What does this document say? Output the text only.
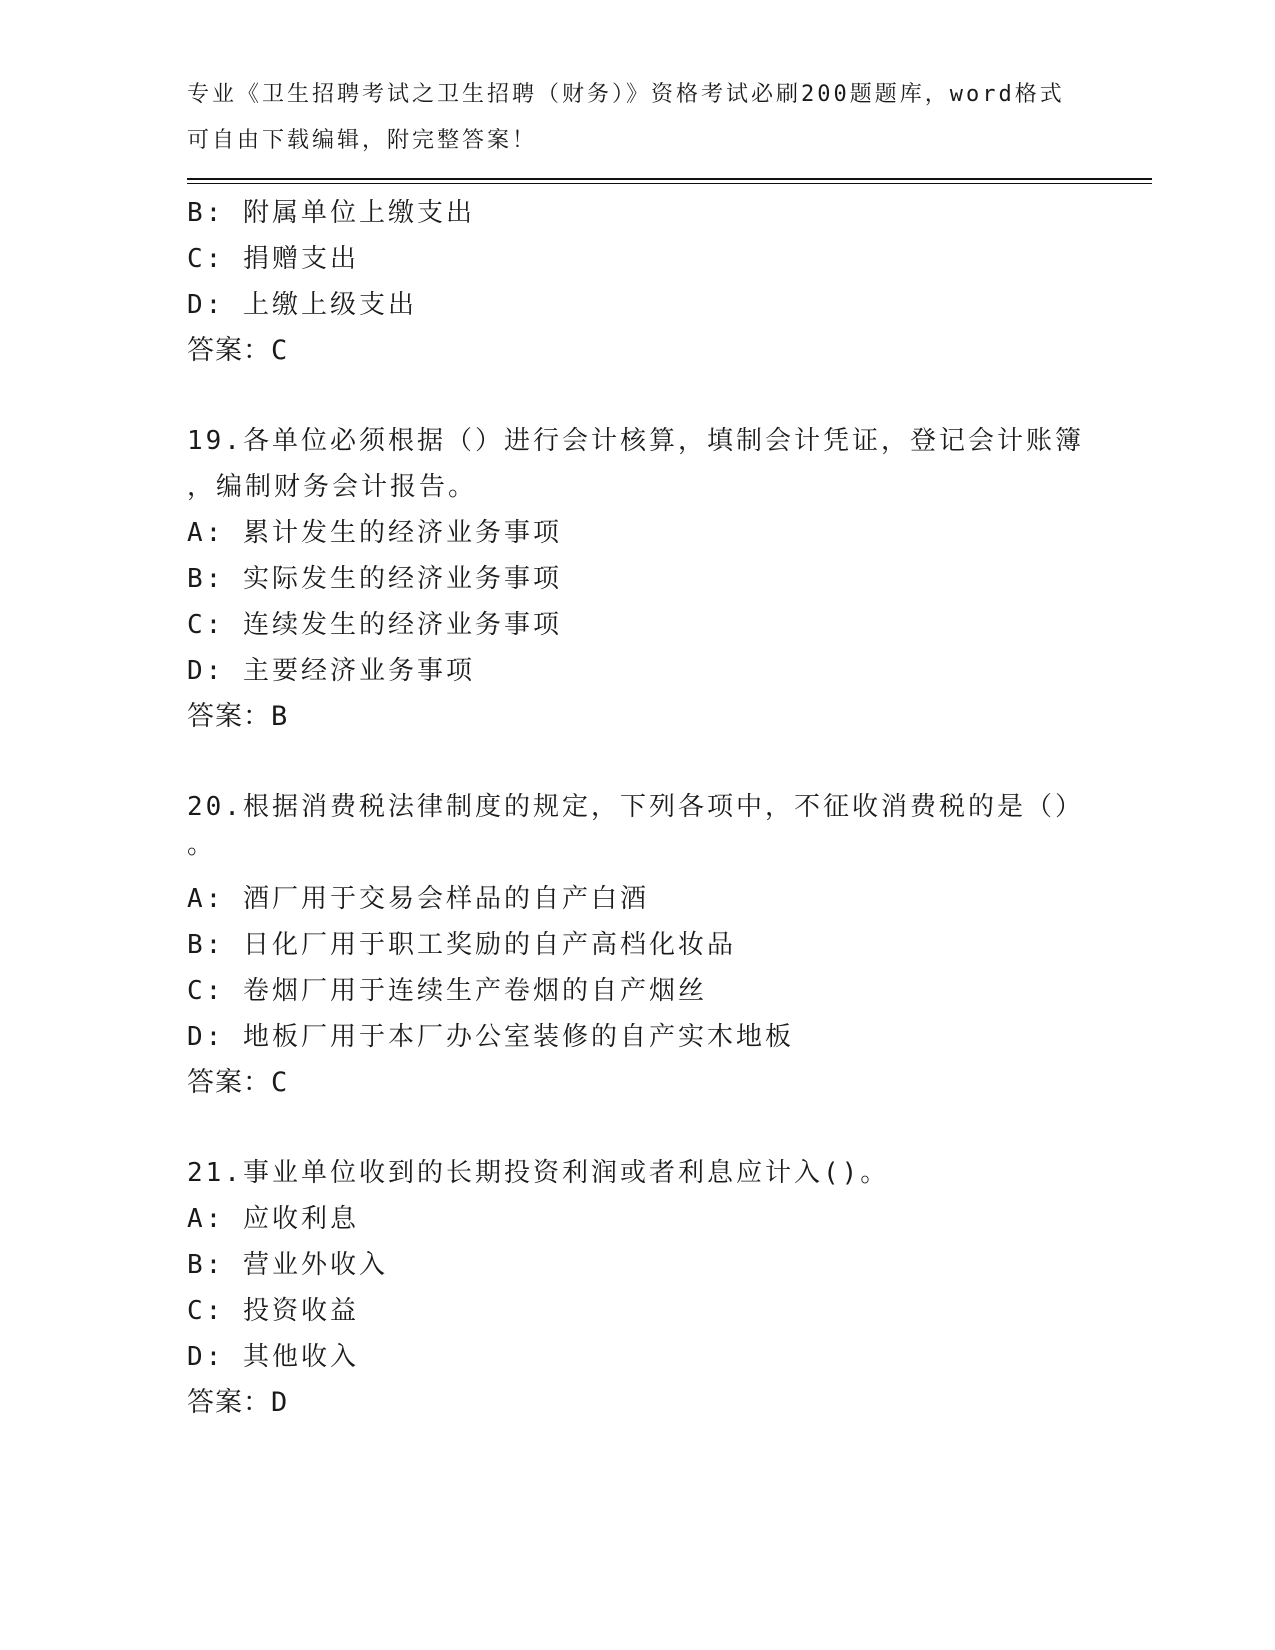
专业《卫生招聘考试之卫生招聘（财务）》资格考试必刷200题题库，word格式
可自由下载编辑，附完整答案！
B: 附属单位上缴支出
C: 捐赠支出
D: 上缴上级支出
答案：C
19.各单位必须根据（）进行会计核算，填制会计凭证，登记会计账簿
，编制财务会计报告。
A: 累计发生的经济业务事项
B: 实际发生的经济业务事项
C: 连续发生的经济业务事项
D: 主要经济业务事项
答案：B
20.根据消费税法律制度的规定，下列各项中，不征收消费税的是（）
。
A: 酒厂用于交易会样品的自产白酒
B: 日化厂用于职工奖励的自产高档化妆品
C: 卷烟厂用于连续生产卷烟的自产烟丝
D: 地板厂用于本厂办公室装修的自产实木地板
答案：C
21.事业单位收到的长期投资利润或者利息应计入()。
A: 应收利息
B: 营业外收入
C: 投资收益
D: 其他收入
答案：D
